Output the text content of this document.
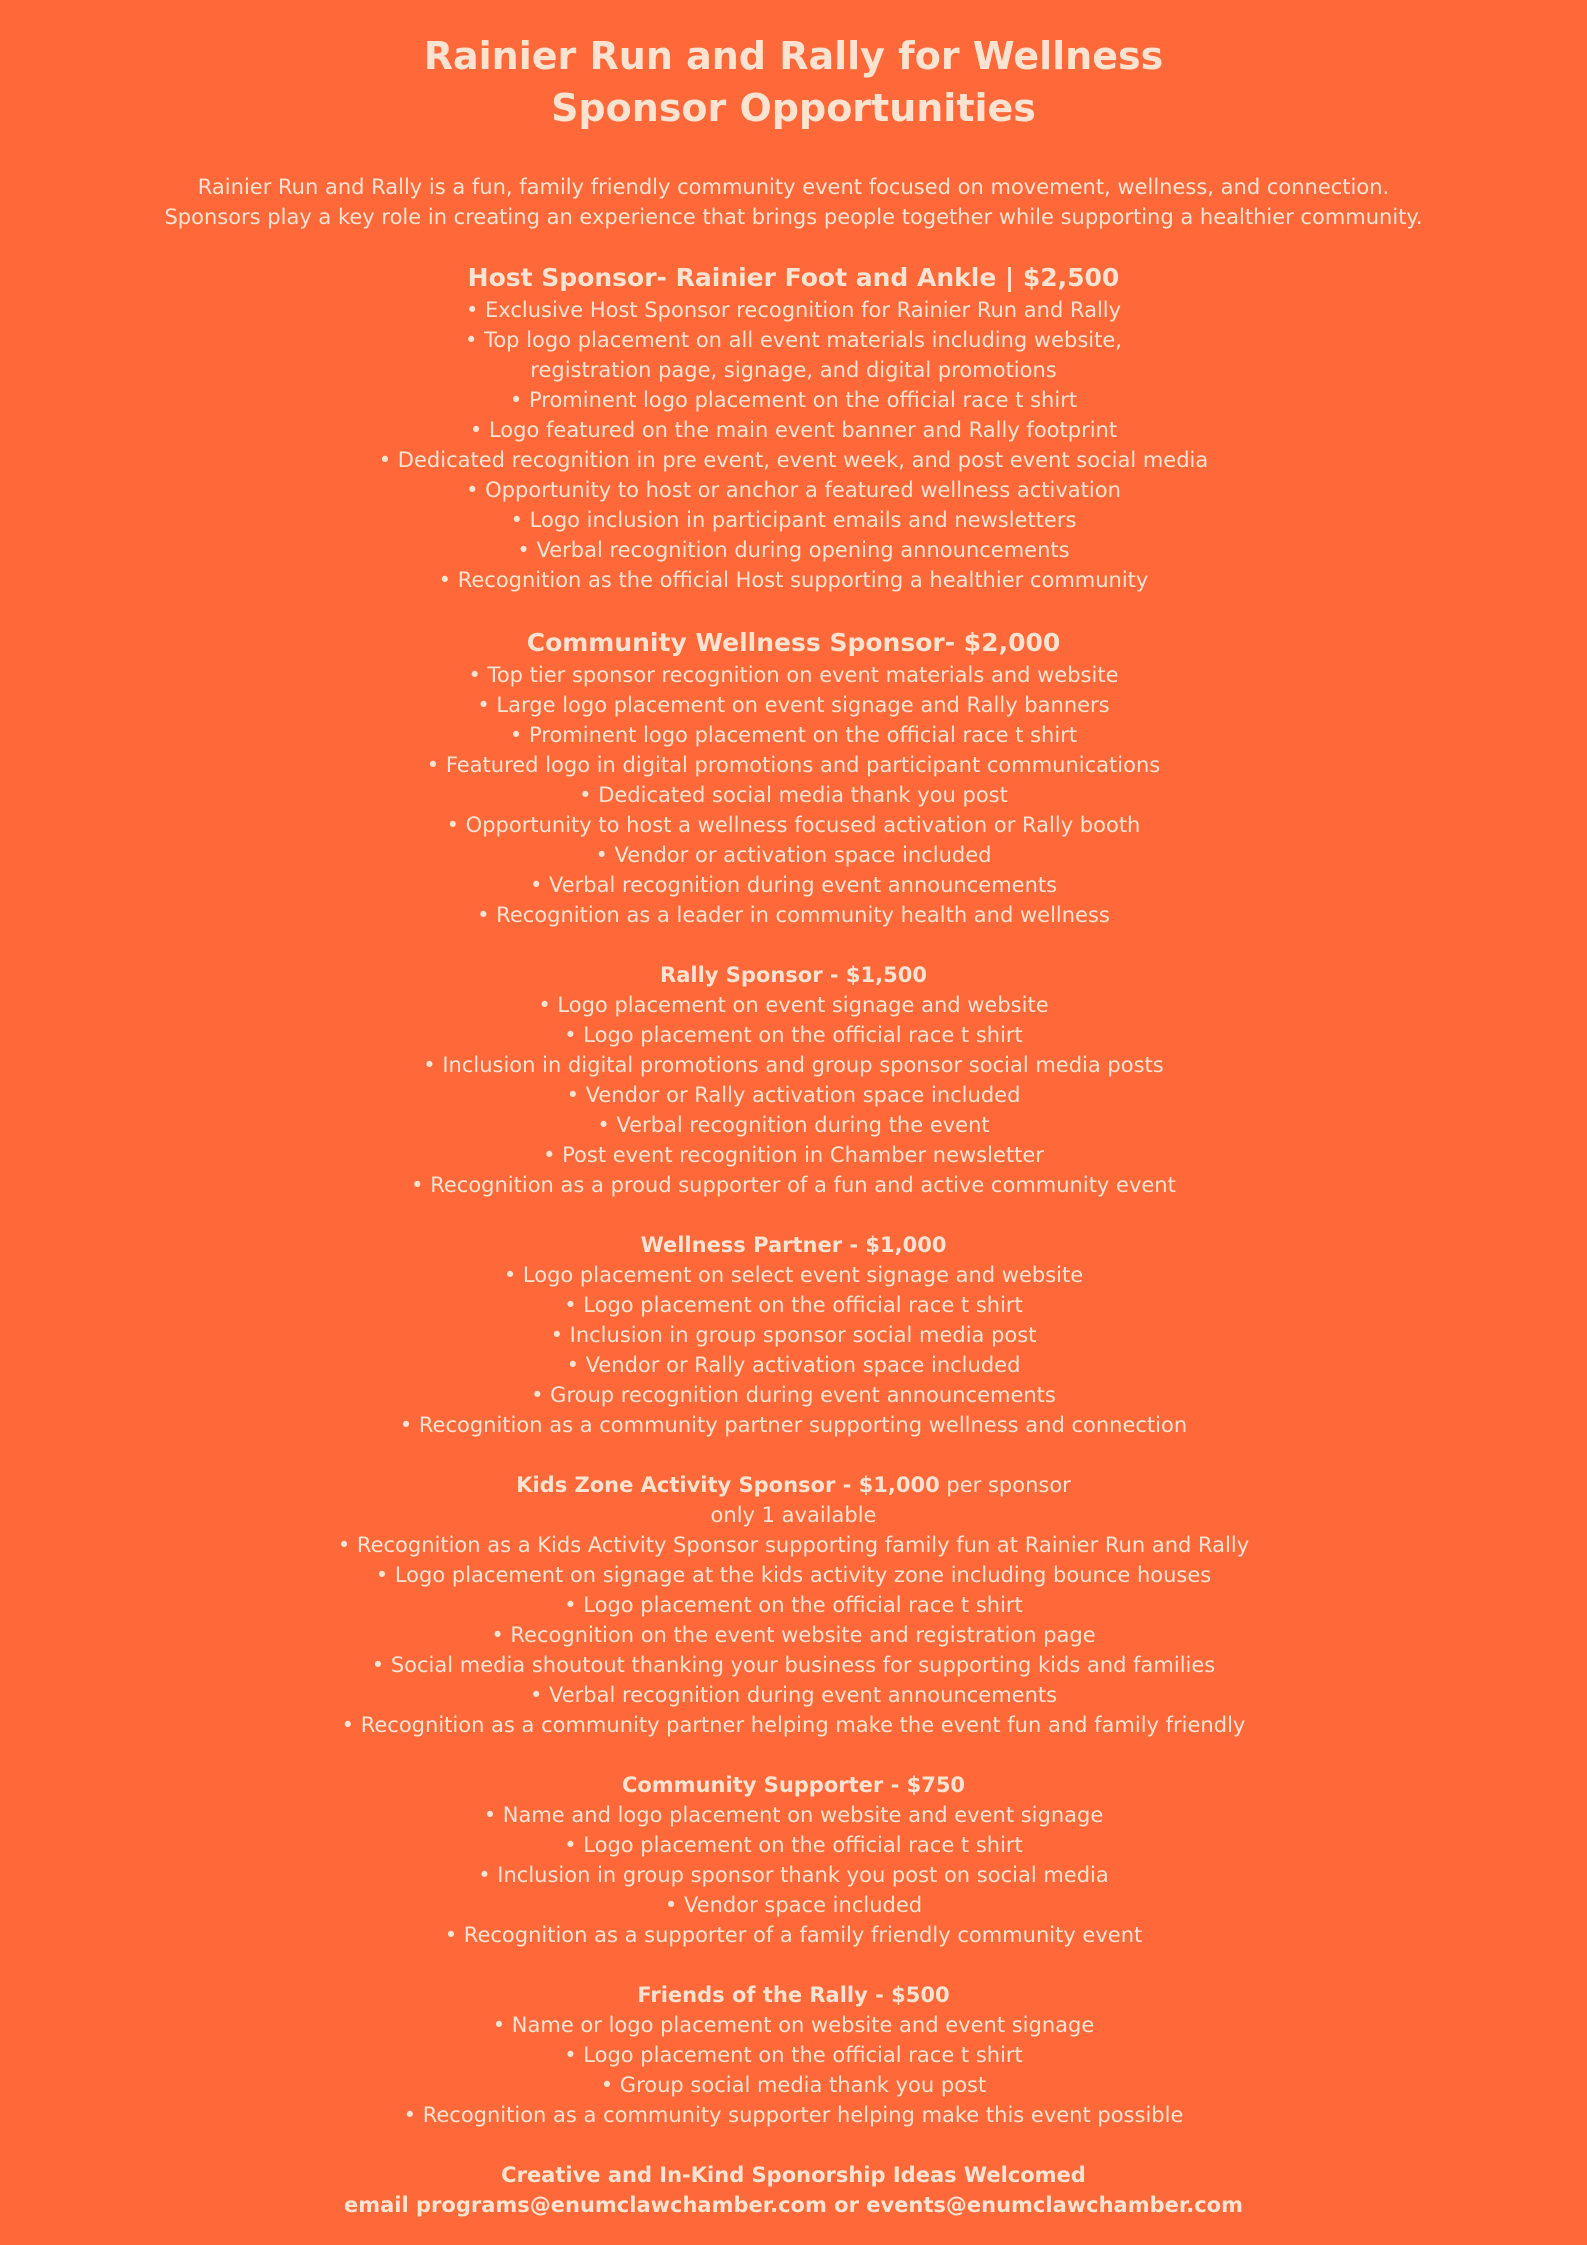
Rainier Run and Rally for Wellness
Sponsor Opportunities

Rainier Run and Rally is a fun, family friendly community event focused on movement, wellness, and connection.

Sponsors play a key role in creating an experience that brings people together while supporting a healthier community.

Host Sponsor- Rainier Foot and Ankle | $2,500
• Exclusive Host Sponsor recognition for Rainier Run and Rally
• Top logo placement on all event materials including website,
registration page, signage, and digital promotions
• Prominent logo placement on the official race t shirt
• Logo featured on the main event banner and Rally footprint
• Dedicated recognition in pre event, event week, and post event social media
• Opportunity to host or anchor a featured wellness activation
• Logo inclusion in participant emails and newsletters
• Verbal recognition during opening announcements
• Recognition as the official Host supporting a healthier community
Community Wellness Sponsor- $2,000
• Top tier sponsor recognition on event materials and website
• Large logo placement on event signage and Rally banners
• Prominent logo placement on the official race t shirt
• Featured logo in digital promotions and participant communications
• Dedicated social media thank you post
• Opportunity to host a wellness focused activation or Rally booth
• Vendor or activation space included
• Verbal recognition during event announcements
• Recognition as a leader in community health and wellness
Rally Sponsor - $1,500
• Logo placement on event signage and website
• Logo placement on the official race t shirt
• Inclusion in digital promotions and group sponsor social media posts
• Vendor or Rally activation space included
• Verbal recognition during the event
• Post event recognition in Chamber newsletter
• Recognition as a proud supporter of a fun and active community event
Wellness Partner - $1,000
• Logo placement on select event signage and website
• Logo placement on the official race t shirt
• Inclusion in group sponsor social media post
• Vendor or Rally activation space included
• Group recognition during event announcements
• Recognition as a community partner supporting wellness and connection
Kids Zone Activity Sponsor - $1,000 per sponsor

only 1 available

• Recognition as a Kids Activity Sponsor supporting family fun at Rainier Run and Rally
• Logo placement on signage at the kids activity zone including bounce houses
• Logo placement on the official race t shirt
• Recognition on the event website and registration page
• Social media shoutout thanking your business for supporting kids and families
• Verbal recognition during event announcements
• Recognition as a community partner helping make the event fun and family friendly
Community Supporter - $750
• Name and logo placement on website and event signage
• Logo placement on the official race t shirt
• Inclusion in group sponsor thank you post on social media
• Vendor space included
• Recognition as a supporter of a family friendly community event
Friends of the Rally - $500
• Name or logo placement on website and event signage
• Logo placement on the official race t shirt
• Group social media thank you post
• Recognition as a community supporter helping make this event possible

Creative and In-Kind Sponorship Ideas Welcomed

email programs@enumclawchamber.com or events@enumclawchamber.com
